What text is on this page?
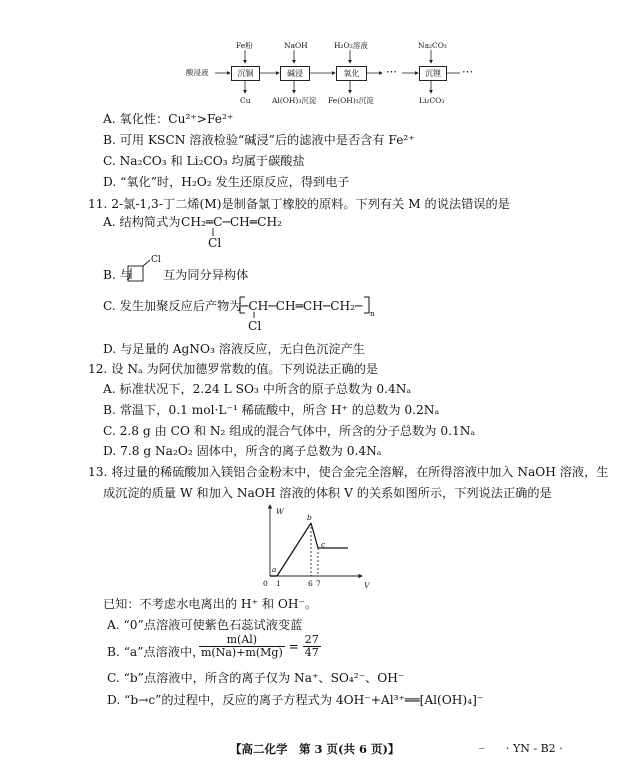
酸浸液	沉铜	碱浸	氧化	⋯	沉锂	⋯
Fe粉	NaOH	H₂O₂溶液	Na₂CO₃
Cu	Al(OH)₃沉淀 Fe(OH)₃沉淀	Li₂CO₃
A. 氧化性：Cu²⁺>Fe²⁺
B. 可用 KSCN 溶液检验“碱浸”后的滤液中是否含有 Fe²⁺
C. Na₂CO₃ 和 Li₂CO₃ 均属于碳酸盐
D. “氧化”时，H₂O₂ 发生还原反应，得到电子
11. 2-氯-1,3-丁二烯(M)是制备氯丁橡胶的原料。下列有关 M 的说法错误的是
A. 结构简式为 CH₂═C─CH═CH₂
Cl
B. 与
Cl
互为同分异构体
C. 发生加聚反应后产物为 ─CH─CH═CH─CH₂─
n
Cl
D. 与足量的 AgNO₃ 溶液反应，无白色沉淀产生
12. 设 Nₐ 为阿伏加德罗常数的值。下列说法正确的是
A. 标准状况下，2.24 L SO₃ 中所含的原子总数为 0.4Nₐ
B. 常温下，0.1 mol·L⁻¹ 稀硫酸中，所含 H⁺ 的总数为 0.2Nₐ
C. 2.8 g 由 CO 和 N₂ 组成的混合气体中，所含的分子总数为 0.1Nₐ
D. 7.8 g Na₂O₂ 固体中，所含的离子总数为 0.4Nₐ
13. 将过量的稀硫酸加入镁铝合金粉末中，使合金完全溶解，在所得溶液中加入 NaOH 溶液，生
成沉淀的质量 W 和加入 NaOH 溶液的体积 V 的关系如图所示，下列说法正确的是
W
V
0
a
b
c
1	6 7
已知：不考虑水电离出的 H⁺ 和 OH⁻。
A. “0”点溶液可使紫色石蕊试液变蓝
B. “a”点溶液中，
$\frac{m(Al)}{m(Na)+m(Mg)} = \frac{27}{47}$
C. “b”点溶液中，所含的离子仅为 Na⁺、SO₄²⁻、OH⁻
D. “b→c”的过程中，反应的离子方程式为 4OH⁻+Al³⁺══[Al(OH)₄]⁻
【高二化学　第 3 页(共 6 页)】	_ · YN - B2 ·
